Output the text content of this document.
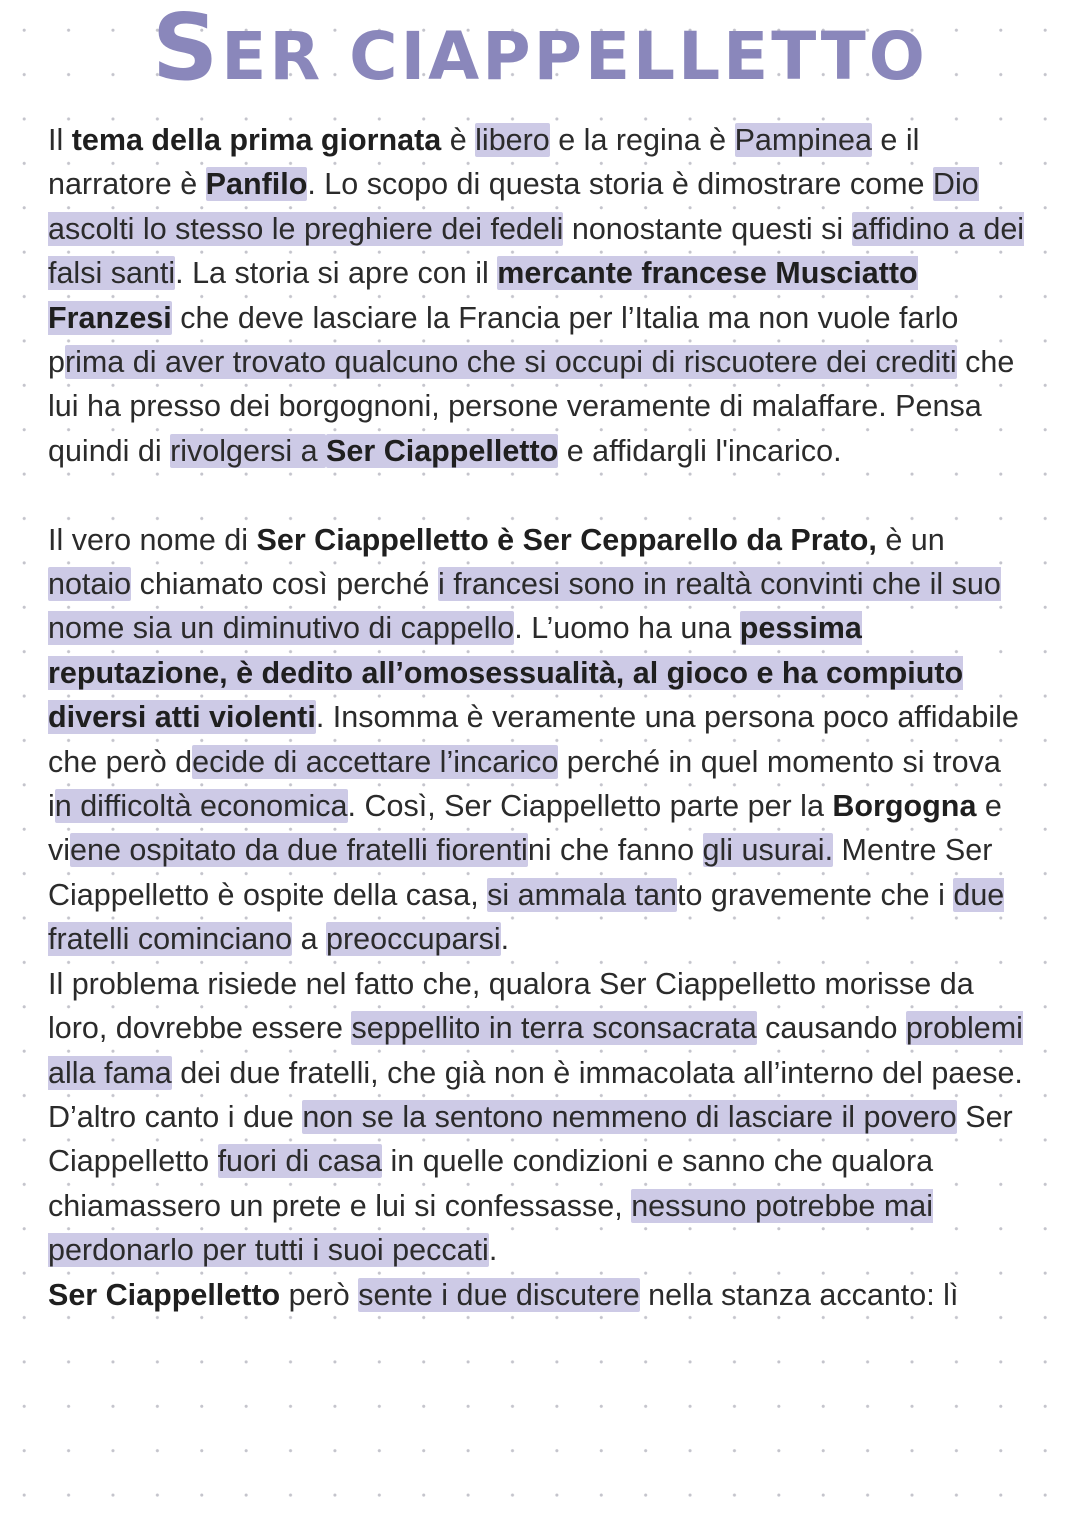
SER CIAPPELLETTO

Il tema della prima giornata è libero e la regina è Pampinea e il narratore è Panfilo. Lo scopo di questa storia è dimostrare come Dio ascolti lo stesso le preghiere dei fedeli nonostante questi si affidino a dei falsi santi. La storia si apre con il mercante francese Musciatto Franzesi che deve lasciare la Francia per l’Italia ma non vuole farlo prima di aver trovato qualcuno che si occupi di riscuotere dei crediti che lui ha presso dei borgognoni, persone veramente di malaffare. Pensa quindi di rivolgersi a Ser Ciappelletto e affidargli l'incarico.

Il vero nome di Ser Ciappelletto è Ser Cepparello da Prato, è un notaio chiamato così perché i francesi sono in realtà convinti che il suo nome sia un diminutivo di cappello. L’uomo ha una pessima reputazione, è dedito all’omosessualità, al gioco e ha compiuto diversi atti violenti. Insomma è veramente una persona poco affidabile che però decide di accettare l’incarico perché in quel momento si trova in difficoltà economica. Così, Ser Ciappelletto parte per la Borgogna e viene ospitato da due fratelli fiorentini che fanno gli usurai. Mentre Ser Ciappelletto è ospite della casa, si ammala tanto gravemente che i due fratelli cominciano a preoccuparsi.

Il problema risiede nel fatto che, qualora Ser Ciappelletto morisse da loro, dovrebbe essere seppellito in terra sconsacrata causando problemi alla fama dei due fratelli, che già non è immacolata all’interno del paese. D’altro canto i due non se la sentono nemmeno di lasciare il povero Ser Ciappelletto fuori di casa in quelle condizioni e sanno che qualora chiamassero un prete e lui si confessasse, nessuno potrebbe mai perdonarlo per tutti i suoi peccati.

Ser Ciappelletto però sente i due discutere nella stanza accanto: lì
